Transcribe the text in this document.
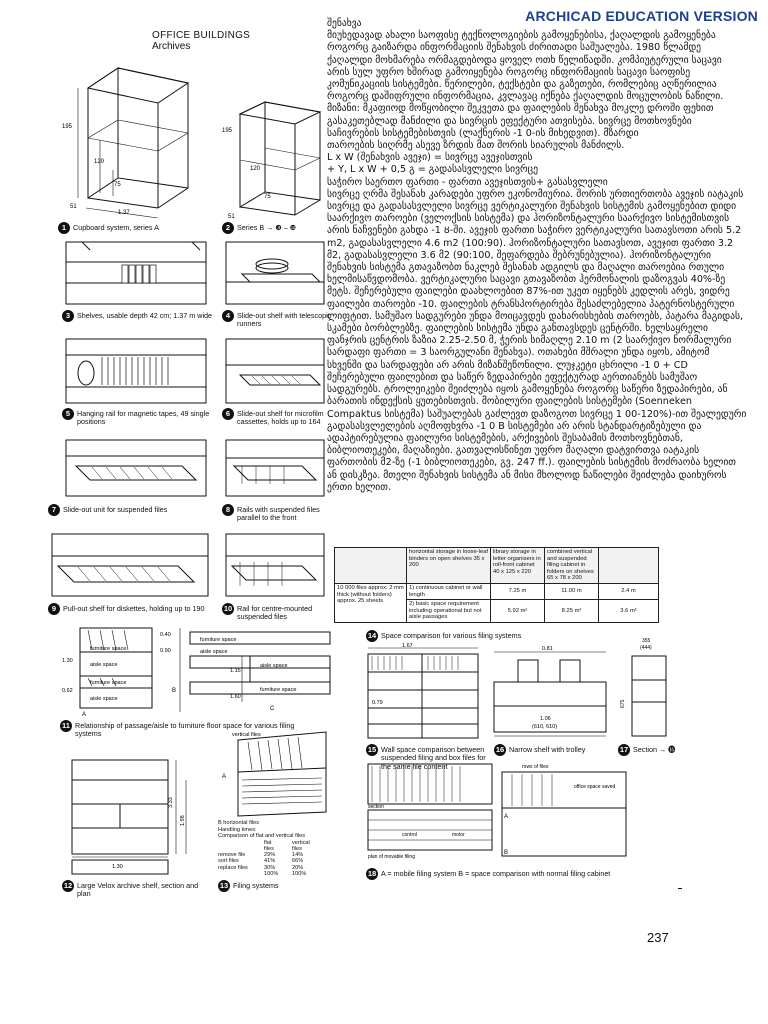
ARCHICAD EDUCATION VERSION
OFFICE BUILDINGS
Archives

შენახვა

მიუხედავად ახალი საოფისე ტექნოლოგიების გამოყენებისა, ქაღალდის გამოყენება როგორც გაიზარდა ინფორმაციის შენახვის ძირითადი საშუალება. 1980 წლამდე ქაღალდი მოხმარება ორმაგდებოდა ყოველ ოთხ წელიწადში. კომპიუტერული საცავი არის სულ უფრო ხშირად გამოიყენება როგორც ინფორმაციის საცავი საოფისე კომუნიკაციის სისტემები. წერილები, ტექსტები და გაზეთები, რომლებიც აღწერილია როგორც დაშიფრული ინფორმაცია, კვლავაც იქნება ქაღალდის მოცულობის ნაწილი. მიზანი: მკაფიოდ მოწყობილი შეკვეთა და ფაილების შენახვა მოკლე დროში ფეხით გასაკეთებლად მანძილი და სივრცის ეფექტური ათვისება. სივრცე მოთხოვნები საჩივრების სისტემებისთვის (ლაქნერის -1 0-ის მიხედვით). მზარდი

თაროების სიღრმე ასევე ზრდის მათ შორის სიარულის მანძილს.

L x W (შენახვის ავეჯი) = სივრცე ავეჯისთვის

+ Y, L x W + 0,5 გ = გადასასვლელი სივრცე

საჭირო საერთო ფართი - ფართი ავეჯისთვის+ გასასვლელი

სივრცე ღრმა შესანახ კარადები უფრო ეკონომიურია. შორის ურთიერთობა ავეჯის იატაკის სივრცე და გადასასვლელი სივრცე ვერტიკალური შენახვის სისტემის გამოყენებით დიდი საარქივო თაროები (ველოქსის სისტემა) და ჰორიზონტალური საარქივო სისტემისთვის არის ნაჩვენები გახდა -1 ȣ-ში. ავეჯის ფართი საჭირო ვერტიკალური სათავსოთი არის 5.2 m2, გადასასვლელი 4.6 m2 (100:90). ჰორიზონტალური სათავსოთ, ავეჯით ფართი 3.2 მ2, გადასასვლელი 3.6 მ2 (90:100, შეფარდება შებრუნებულია). ჰორიზონტალური შენახვის სისტემა გთავაზობთ ნაკლებ შესანახ ადგილს და მაღალი თაროებია რთული ხელმისაწვდომობა. ვერტიკალური საცავი გთავაზობთ ჰერმონალის დაზოგვას 40%-ზე მეტს. შეჩერებული ფაილები დაახლოებით 87%-ით უკეთ იყენებს კედლის არეს, ვიდრე ფაილები თაროები -10. ფაილების ტრანსპორტირება შესაძლებელია პატერნოსტერული ლიფტით. სამუშაო სადგურები უნდა მოიცავდეს დახარისხების თაროებს, პატარა მაგიდას, სკამები ბორბლებზე. ფაილების სისტემა უნდა განთავსდეს ცენტრში. ხელსაყრელი ფანჯრის ცენტრის ზაზია 2.25-2.50 მ, ჭერის სიმაღლე 2.10 m (2 საარქივო ნორმალური სარდაფი ფართი = 3 საორგულანი შენახვა). ოთახები მშრალი უნდა იყოს, ამიტომ სხვენში და სარდაფები არ არის მიზანშეწონილი. ლუჯკეტი ცხრილი -1 0 + CD შეჩერებული ფაილებით და საწერ ზედაპირები ეფექტურად აერთიანებს სამუშაო სადგურებს. ტროლეიკები შეიძლება იყოს გამოყენება როგორც საწერი ზედაპირები, ან ბარათის ინდექსის ყუთებისთვის. მობილური ფაილების სისტემები (Soenneken Compaktus სისტემა) საშუალებას გაძლევთ დაზოგოთ სივრცე 1 00-120%)-ით შეალედური გადასასვლელების აღმოფხვრა -1 0 B სისტემები არ არის სტანდარტიზებული და ადაპტირებულია ფაილური სისტემების, არქივების შესაბამის მოთხოვნებთან, ბიბლიოთეკები, მაღაზიები. გათვალისწინეთ უფრო მაღალი დატვირთვა იატაკის ფართობის მ2-ზე (-1 ბიბლიოთეკები, გვ. 247 ff.). ფაილების სისტემის მოძრაობა ხელით ან დისკზეა. მთელი შენახვის სისტემა ან მისი მხოლოდ ნაწილები შეიძლება დაიხუროს ერთი ხელით.

195
120
75
51
1.37
1 Cupboard system, series A
195
120
75
51
2 Series B → ❸ – ❿
3 Shelves, usable depth 42 cm; 1.37 m wide	4 Slide-out shelf with telescopic runners
5 Hanging rail for magnetic tapes, 49 single positions
6 Slide-out shelf for microfilm cassettes, holds up to 164
7 Slide-out unit for suspended files	8 Rails with suspended files parallel to the front
9 Pull-out shelf for diskettes, holding up to 190	10 Rail for centre-mounted suspended files
1.30
0.62
0.40
0.90
1.15
1.60
furniture space
aisle space
furniture space
aisle space
furniture space
aisle space
aisle space
furniture space
A
B
C
11 Relationship of passage/aisle to furniture floor space for various filing systems
3.33
1.98
1.30
12 Large Velox archive shelf, section and plan
A
vertical files
B horizontal files
Handling times:
Comparison of flat and vertical files
	flat	vertical
	files	files
remove file	29%	14%
sort files	41%	66%
replace files	30%	20%
	100%	100%
13 Filing systems
	horizontal storage in loose-leaf binders on open shelves 35 x 200	library storage in letter organisers in roll-front cabinet 40 x 125 x 220	combined vertical and suspended filing cabinet in folders on shelves 65 x 78 x 200	
10 000 files approx. 2 mm thick (without folders) approx. 25 sheets	1) continuous cabinet or wall length	7.25 m	11.00 m	2.4 m
	2) basic space requirement including operational but not aisle passages	5.92 m²	8.25 m²	3.6 m²
14 Space comparison for various filing systems
1.67
0.79
15 Wall space comparison between suspended filing and box files for the same file content
0.81
1.06
(610, 610)
16 Narrow shelf with trolley
355
(444)
675
17 Section → ⓰
section
control	motor
plan of movable filing
rows of files
office space saved
A
B
18 A = mobile filing system B = space comparison with normal filing cabinet
237
